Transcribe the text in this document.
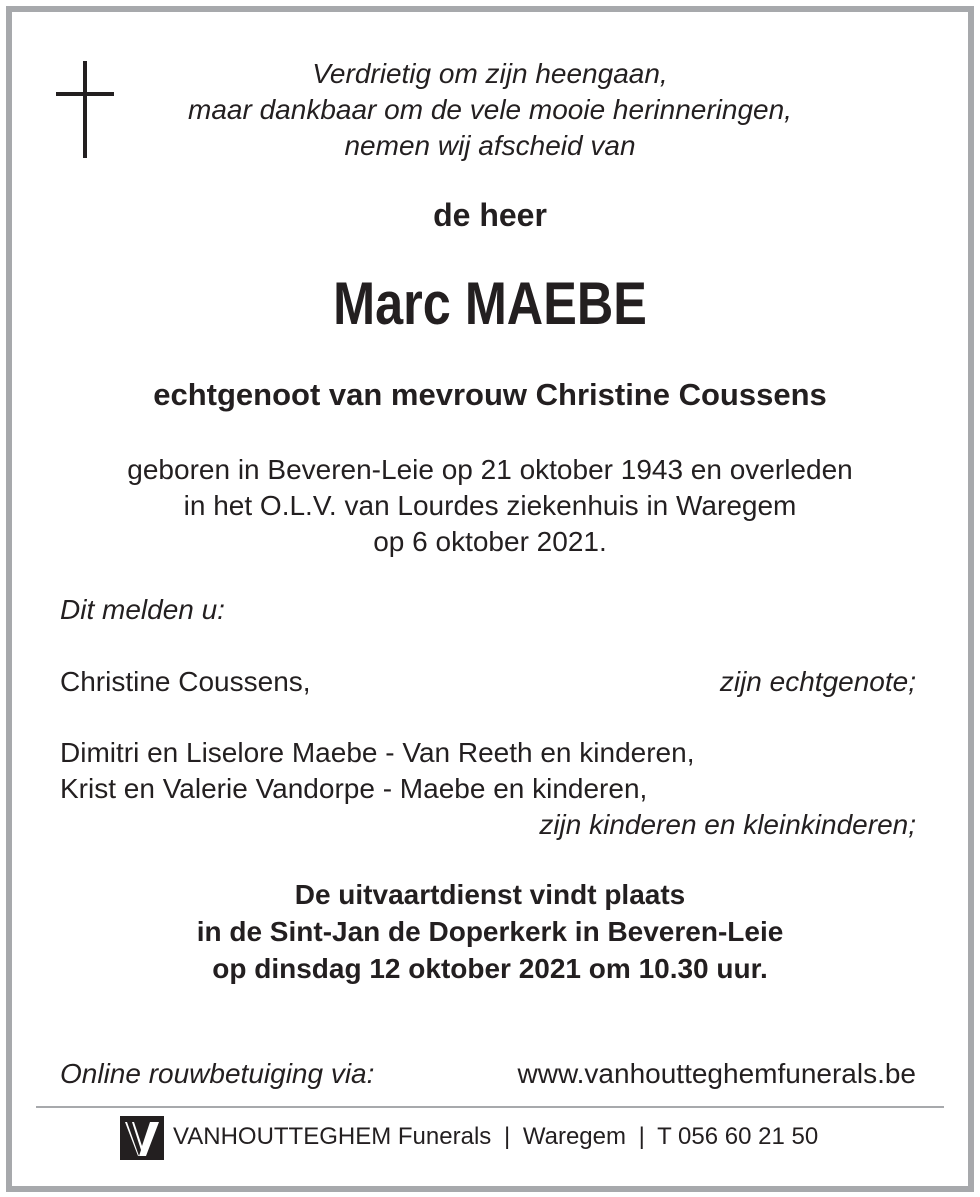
Verdrietig om zijn heengaan,
maar dankbaar om de vele mooie herinneringen,
nemen wij afscheid van
de heer
Marc MAEBE
echtgenoot van mevrouw Christine Coussens
geboren in Beveren-Leie op 21 oktober 1943 en overleden
in het O.L.V. van Lourdes ziekenhuis in Waregem
op 6 oktober 2021.
Dit melden u:
Christine Coussens,	zijn echtgenote;
Dimitri en Liselore Maebe - Van Reeth en kinderen,
Krist en Valerie Vandorpe - Maebe en kinderen,
zijn kinderen en kleinkinderen;
De uitvaartdienst vindt plaats
in de Sint-Jan de Doperkerk in Beveren-Leie
op dinsdag 12 oktober 2021 om 10.30 uur.
Online rouwbetuiging via:	www.vanhoutteghemfunerals.be
VANHOUTTEGHEM Funerals | Waregem | T 056 60 21 50
